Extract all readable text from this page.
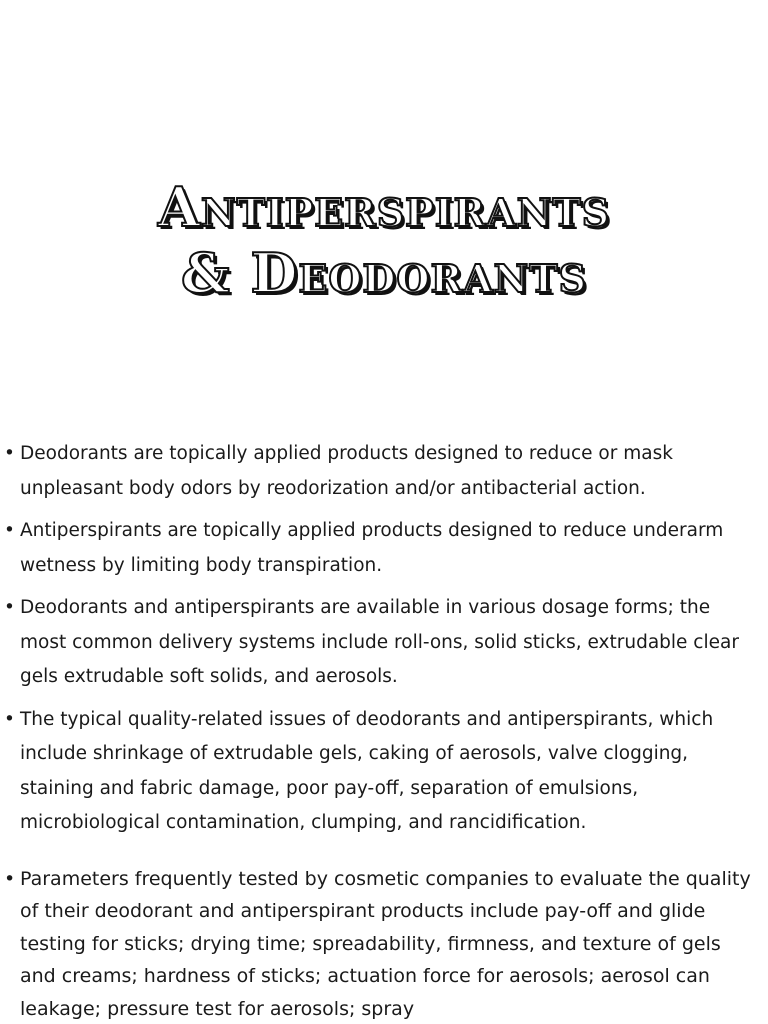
Antiperspirants
& Deodorants
• Deodorants are topically applied products designed to reduce or mask unpleasant body odors by reodorization and/or antibacterial action.
• Antiperspirants are topically applied products designed to reduce underarm wetness by limiting body transpiration.
• Deodorants and antiperspirants are available in various dosage forms; the most common delivery systems include roll-ons, solid sticks, extrudable clear gels extrudable soft solids, and aerosols.
• The typical quality-related issues of deodorants and antiperspirants, which include shrinkage of extrudable gels, caking of aerosols, valve clogging, staining and fabric damage, poor pay-off, separation of emulsions, microbiological contamination, clumping, and rancidification.
• Parameters frequently tested by cosmetic companies to evaluate the quality of their deodorant and antiperspirant products include pay-off and glide testing for sticks; drying time; spreadability, firmness, and texture of gels and creams; hardness of sticks; actuation force for aerosols; aerosol can leakage; pressure test for aerosols; spray
